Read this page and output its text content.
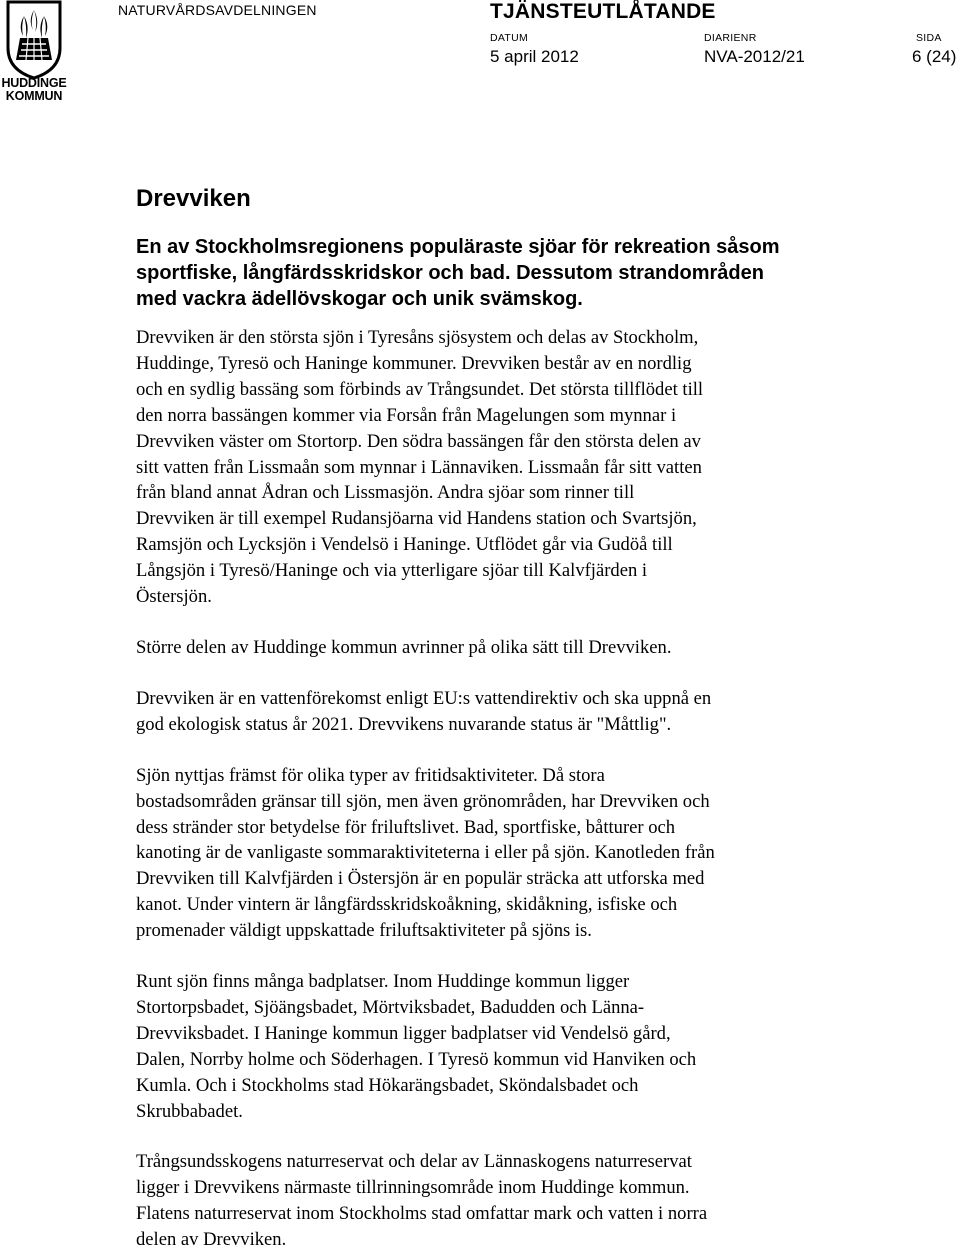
HUDDINGE
KOMMUN
NATURVÅRDSAVDELNINGEN	TJÄNSTEUTLÅTANDE
DATUM
5 april 2012
DIARIENR
NVA-2012/21
SIDA
6 (24)
Drevviken

En av Stockholmsregionens populäraste sjöar för rekreation såsom sportfiske, långfärdsskridskor och bad. Dessutom strandområden med vackra ädellövskogar och unik svämskog.

Drevviken är den största sjön i Tyresåns sjösystem och delas av Stockholm,
Huddinge, Tyresö och Haninge kommuner. Drevviken består av en nordlig
och en sydlig bassäng som förbinds av Trångsundet. Det största tillflödet till
den norra bassängen kommer via Forsån från Magelungen som mynnar i
Drevviken väster om Stortorp. Den södra bassängen får den största delen av
sitt vatten från Lissmaån som mynnar i Lännaviken. Lissmaån får sitt vatten
från bland annat Ådran och Lissmasjön. Andra sjöar som rinner till
Drevviken är till exempel Rudansjöarna vid Handens station och Svartsjön,
Ramsjön och Lycksjön i Vendelsö i Haninge. Utflödet går via Gudöå till
Långsjön i Tyresö/Haninge och via ytterligare sjöar till Kalvfjärden i
Östersjön.
Större delen av Huddinge kommun avrinner på olika sätt till Drevviken.
Drevviken är en vattenförekomst enligt EU:s vattendirektiv och ska uppnå en
god ekologisk status år 2021. Drevvikens nuvarande status är "Måttlig".
Sjön nyttjas främst för olika typer av fritidsaktiviteter. Då stora
bostadsområden gränsar till sjön, men även grönområden, har Drevviken och
dess stränder stor betydelse för friluftslivet. Bad, sportfiske, båtturer och
kanoting är de vanligaste sommaraktiviteterna i eller på sjön. Kanotleden från
Drevviken till Kalvfjärden i Östersjön är en populär sträcka att utforska med
kanot. Under vintern är långfärdsskridskoåkning, skidåkning, isfiske och
promenader väldigt uppskattade friluftsaktiviteter på sjöns is.
Runt sjön finns många badplatser. Inom Huddinge kommun ligger
Stortorpsbadet, Sjöängsbadet, Mörtviksbadet, Badudden och Länna-
Drevviksbadet. I Haninge kommun ligger badplatser vid Vendelsö gård,
Dalen, Norrby holme och Söderhagen. I Tyresö kommun vid Hanviken och
Kumla. Och i Stockholms stad Hökarängsbadet, Sköndalsbadet och
Skrubbabadet.
Trångsundsskogens naturreservat och delar av Lännaskogens naturreservat
ligger i Drevvikens närmaste tillrinningsområde inom Huddinge kommun.
Flatens naturreservat inom Stockholms stad omfattar mark och vatten i norra
delen av Drevviken.
